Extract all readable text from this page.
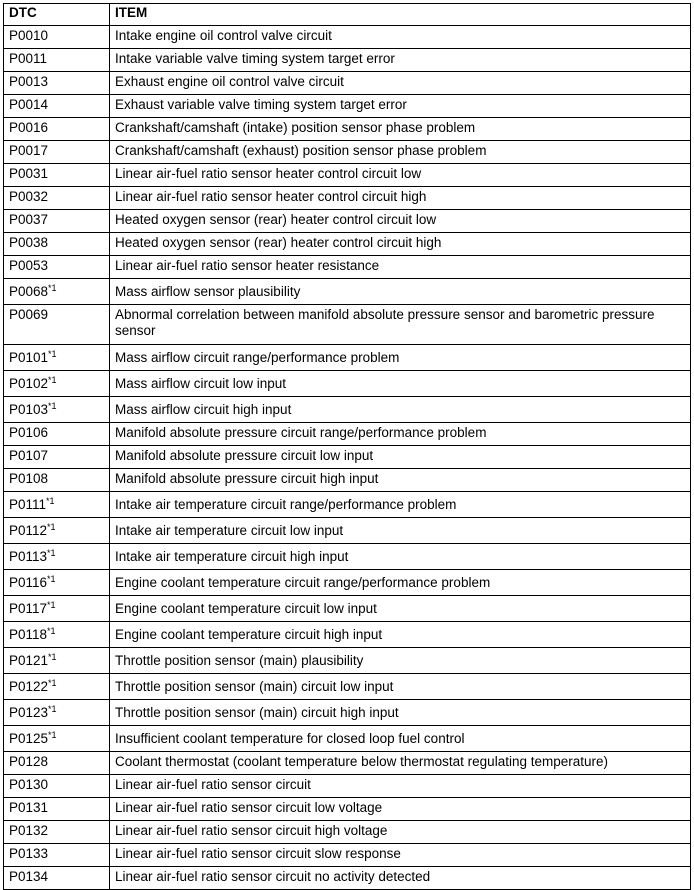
DTC	ITEM
P0010	Intake engine oil control valve circuit
P0011	Intake variable valve timing system target error
P0013	Exhaust engine oil control valve circuit
P0014	Exhaust variable valve timing system target error
P0016	Crankshaft/camshaft (intake) position sensor phase problem
P0017	Crankshaft/camshaft (exhaust) position sensor phase problem
P0031	Linear air-fuel ratio sensor heater control circuit low
P0032	Linear air-fuel ratio sensor heater control circuit high
P0037	Heated oxygen sensor (rear) heater control circuit low
P0038	Heated oxygen sensor (rear) heater control circuit high
P0053	Linear air-fuel ratio sensor heater resistance
P0068$^{*1}$	Mass airflow sensor plausibility
P0069	Abnormal correlation between manifold absolute pressure sensor and barometric pressure sensor
P0101$^{*1}$	Mass airflow circuit range/performance problem
P0102$^{*1}$	Mass airflow circuit low input
P0103$^{*1}$	Mass airflow circuit high input
P0106	Manifold absolute pressure circuit range/performance problem
P0107	Manifold absolute pressure circuit low input
P0108	Manifold absolute pressure circuit high input
P0111$^{*1}$	Intake air temperature circuit range/performance problem
P0112$^{*1}$	Intake air temperature circuit low input
P0113$^{*1}$	Intake air temperature circuit high input
P0116$^{*1}$	Engine coolant temperature circuit range/performance problem
P0117$^{*1}$	Engine coolant temperature circuit low input
P0118$^{*1}$	Engine coolant temperature circuit high input
P0121$^{*1}$	Throttle position sensor (main) plausibility
P0122$^{*1}$	Throttle position sensor (main) circuit low input
P0123$^{*1}$	Throttle position sensor (main) circuit high input
P0125$^{*1}$	Insufficient coolant temperature for closed loop fuel control
P0128	Coolant thermostat (coolant temperature below thermostat regulating temperature)
P0130	Linear air-fuel ratio sensor circuit
P0131	Linear air-fuel ratio sensor circuit low voltage
P0132	Linear air-fuel ratio sensor circuit high voltage
P0133	Linear air-fuel ratio sensor circuit slow response
P0134	Linear air-fuel ratio sensor circuit no activity detected
